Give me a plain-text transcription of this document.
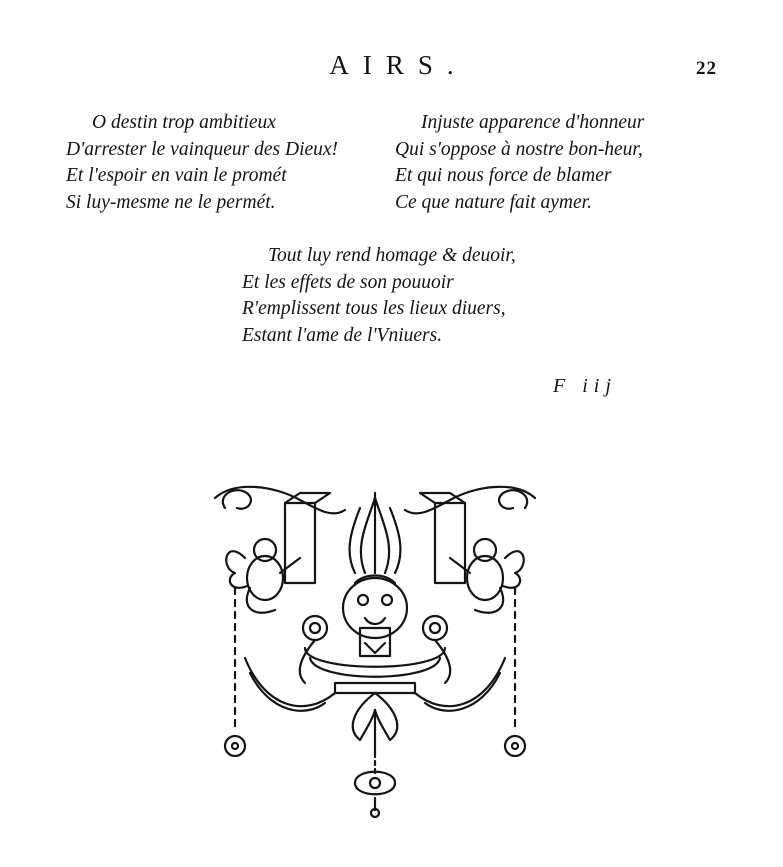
AIRS.	22
O destin trop ambitieux
D'arrester le vainqueur des Dieux!
Et l'espoir en vain le promét
Si luy-mesme ne le permét.
Injuste apparence d'honneur
Qui s'oppose à nostre bon-heur,
Et qui nous force de blamer
Ce que nature fait aymer.
Tout luy rend homage & deuoir,
Et les effets de son pouuoir
R'emplissent tous les lieux diuers,
Estant l'ame de l'Vniuers.
F iij
